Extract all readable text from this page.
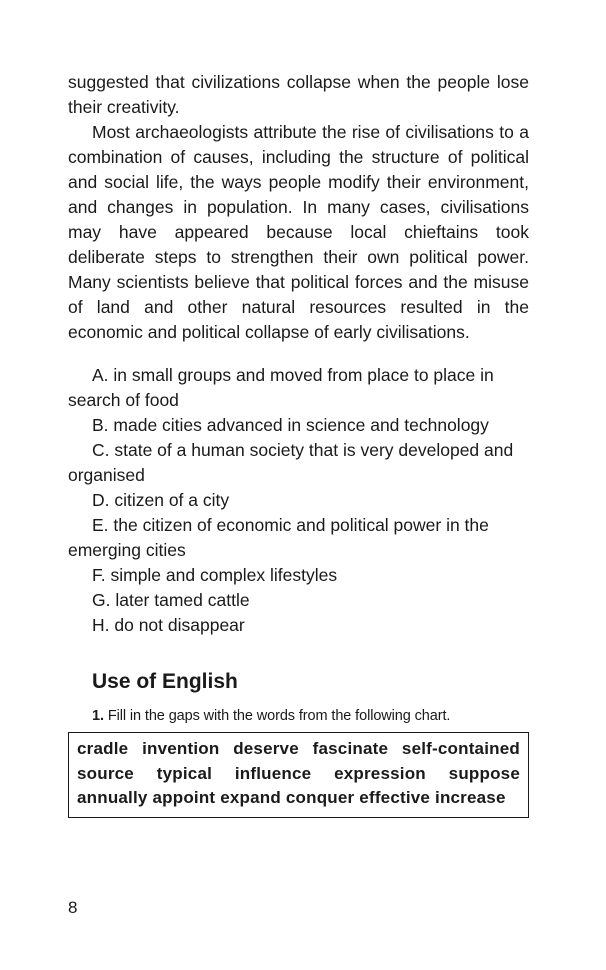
suggested that civilizations collapse when the people lose their creativity.

Most archaeologists attribute the rise of civilisations to a combination of causes, including the structure of political and social life, the ways people modify their environment, and changes in population. In many cases, civilisations may have appeared because local chieftains took deliberate steps to strengthen their own political power. Many scientists believe that political forces and the misuse of land and other natural resources resulted in the economic and political collapse of early civilisations.

A. in small groups and moved from place to place in search of food

B. made cities advanced in science and technology

C. state of a human society that is very developed and organised

D. citizen of a city

E. the citizen of economic and political power in the emerging cities

F. simple and complex lifestyles

G. later tamed cattle

H. do not disappear

Use of English
1. Fill in the gaps with the words from the following chart.
cradle invention deserve fascinate self-contained source typical influence expression suppose annually appoint expand conquer effective increase
8
